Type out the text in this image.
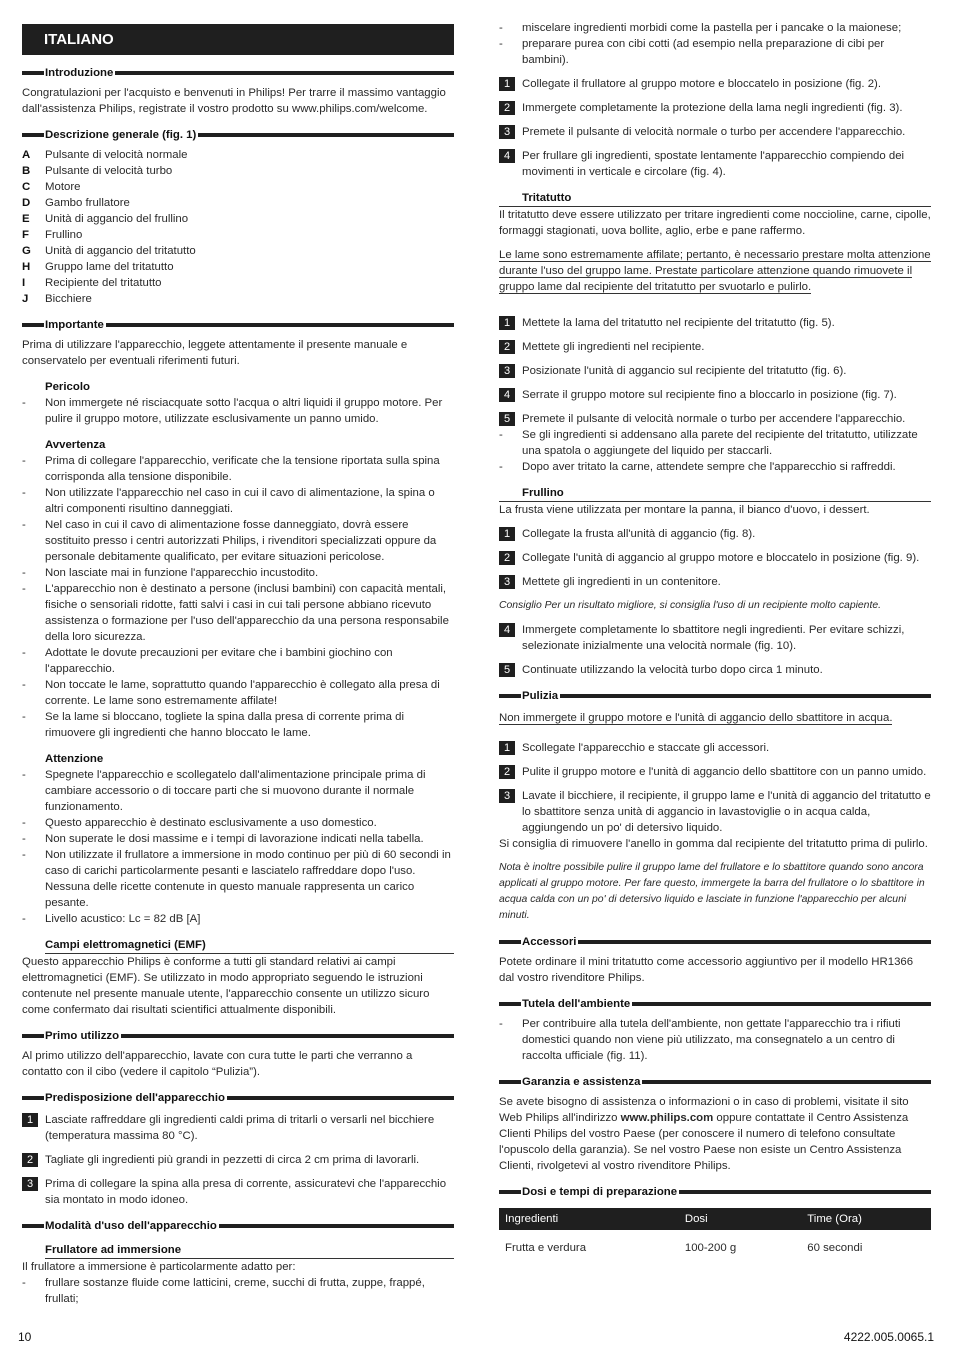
ITALIANO
Introduzione

Congratulazioni per l'acquisto e benvenuti in Philips! Per trarre il massimo vantaggio dall'assistenza Philips, registrate il vostro prodotto su www.philips.com/welcome.

Descrizione generale (fig. 1)
A	Pulsante di velocità normale
B	Pulsante di velocità turbo
C	Motore
D	Gambo frullatore
E	Unità di aggancio del frullino
F	Frullino
G	Unità di aggancio del tritatutto
H	Gruppo lame del tritatutto
I	Recipiente del tritatutto
J	Bicchiere
Importante

Prima di utilizzare l'apparecchio, leggete attentamente il presente manuale e conservatelo per eventuali riferimenti futuri.

Pericolo
-	Non immergete né risciacquate sotto l'acqua o altri liquidi il gruppo motore. Per pulire il gruppo motore, utilizzate esclusivamente un panno umido.
Avvertenza
-	Prima di collegare l'apparecchio, verificate che la tensione riportata sulla spina corrisponda alla tensione disponibile.
-	Non utilizzate l'apparecchio nel caso in cui il cavo di alimentazione, la spina o altri componenti risultino danneggiati.
-	Nel caso in cui il cavo di alimentazione fosse danneggiato, dovrà essere sostituito presso i centri autorizzati Philips, i rivenditori specializzati oppure da personale debitamente qualificato, per evitare situazioni pericolose.
-	Non lasciate mai in funzione l'apparecchio incustodito.
-	L'apparecchio non è destinato a persone (inclusi bambini) con capacità mentali, fisiche o sensoriali ridotte, fatti salvi i casi in cui tali persone abbiano ricevuto assistenza o formazione per l'uso dell'apparecchio da una persona responsabile della loro sicurezza.
-	Adottate le dovute precauzioni per evitare che i bambini giochino con l'apparecchio.
-	Non toccate le lame, soprattutto quando l'apparecchio è collegato alla presa di corrente. Le lame sono estremamente affilate!
-	Se la lame si bloccano, togliete la spina dalla presa di corrente prima di rimuovere gli ingredienti che hanno bloccato le lame.
Attenzione
-	Spegnete l'apparecchio e scollegatelo dall'alimentazione principale prima di cambiare accessorio o di toccare parti che si muovono durante il normale funzionamento.
-	Questo apparecchio è destinato esclusivamente a uso domestico.
-	Non superate le dosi massime e i tempi di lavorazione indicati nella tabella.
-	Non utilizzate il frullatore a immersione in modo continuo per più di 60 secondi in caso di carichi particolarmente pesanti e lasciatelo raffreddare dopo l'uso. Nessuna delle ricette contenute in questo manuale rappresenta un carico pesante.
-	Livello acustico: Lc = 82 dB [A]
Campi elettromagnetici (EMF)

Questo apparecchio Philips è conforme a tutti gli standard relativi ai campi elettromagnetici (EMF). Se utilizzato in modo appropriato seguendo le istruzioni contenute nel presente manuale utente, l'apparecchio consente un utilizzo sicuro come confermato dai risultati scientifici attualmente disponibili.

Primo utilizzo

Al primo utilizzo dell'apparecchio, lavate con cura tutte le parti che verranno a contatto con il cibo (vedere il capitolo “Pulizia”).

Predisposizione dell'apparecchio
1	Lasciate raffreddare gli ingredienti caldi prima di tritarli o versarli nel bicchiere (temperatura massima 80 °C).
2	Tagliate gli ingredienti più grandi in pezzetti di circa 2 cm prima di lavorarli.
3	Prima di collegare la spina alla presa di corrente, assicuratevi che l'apparecchio sia montato in modo idoneo.
Modalità d'uso dell'apparecchio
Frullatore ad immersione

Il frullatore a immersione è particolarmente adatto per:

-	frullare sostanze fluide come latticini, creme, succhi di frutta, zuppe, frappé, frullati;
-	miscelare ingredienti morbidi come la pastella per i pancake o la maionese;
-	preparare purea con cibi cotti (ad esempio nella preparazione di cibi per bambini).
1	Collegate il frullatore al gruppo motore e bloccatelo in posizione (fig. 2).
2	Immergete completamente la protezione della lama negli ingredienti (fig. 3).
3	Premete il pulsante di velocità normale o turbo per accendere l'apparecchio.
4	Per frullare gli ingredienti, spostate lentamente l'apparecchio compiendo dei movimenti in verticale e circolare (fig. 4).
Tritatutto

Il tritatutto deve essere utilizzato per tritare ingredienti come noccioline, carne, cipolle, formaggi stagionati, uova bollite, aglio, erbe e pane raffermo.

Le lame sono estremamente affilate; pertanto, è necessario prestare molta attenzione durante l'uso del gruppo lame. Prestate particolare attenzione quando rimuovete il gruppo lame dal recipiente del tritatutto per svuotarlo e pulirlo.
1	Mettete la lama del tritatutto nel recipiente del tritatutto (fig. 5).
2	Mettete gli ingredienti nel recipiente.
3	Posizionate l'unità di aggancio sul recipiente del tritatutto (fig. 6).
4	Serrate il gruppo motore sul recipiente fino a bloccarlo in posizione (fig. 7).
5	Premete il pulsante di velocità normale o turbo per accendere l'apparecchio.
-	Se gli ingredienti si addensano alla parete del recipiente del tritatutto, utilizzate una spatola o aggiungete del liquido per staccarli.
-	Dopo aver tritato la carne, attendete sempre che l'apparecchio si raffreddi.
Frullino

La frusta viene utilizzata per montare la panna, il bianco d'uovo, i dessert.

1	Collegate la frusta all'unità di aggancio (fig. 8).
2	Collegate l'unità di aggancio al gruppo motore e bloccatelo in posizione (fig. 9).
3	Mettete gli ingredienti in un contenitore.

Consiglio Per un risultato migliore, si consiglia l'uso di un recipiente molto capiente.

4	Immergete completamente lo sbattitore negli ingredienti. Per evitare schizzi, selezionate inizialmente una velocità normale (fig. 10).
5	Continuate utilizzando la velocità turbo dopo circa 1 minuto.
Pulizia
Non immergete il gruppo motore e l'unità di aggancio dello sbattitore in acqua.
1	Scollegate l'apparecchio e staccate gli accessori.
2	Pulite il gruppo motore e l'unità di aggancio dello sbattitore con un panno umido.
3	Lavate il bicchiere, il recipiente, il gruppo lame e l'unità di aggancio del tritatutto e lo sbattitore senza unità di aggancio in lavastoviglie o in acqua calda, aggiungendo un po' di detersivo liquido.

Si consiglia di rimuovere l'anello in gomma dal recipiente del tritatutto prima di pulirlo.

Nota è inoltre possibile pulire il gruppo lame del frullatore e lo sbattitore quando sono ancora applicati al gruppo motore. Per fare questo, immergete la barra del frullatore o lo sbattitore in acqua calda con un po' di detersivo liquido e lasciate in funzione l'apparecchio per alcuni minuti.

Accessori

Potete ordinare il mini tritatutto come accessorio aggiuntivo per il modello HR1366 dal vostro rivenditore Philips.

Tutela dell'ambiente
-	Per contribuire alla tutela dell'ambiente, non gettate l'apparecchio tra i rifiuti domestici quando non viene più utilizzato, ma consegnatelo a un centro di raccolta ufficiale (fig. 11).
Garanzia e assistenza

Se avete bisogno di assistenza o informazioni o in caso di problemi, visitate il sito Web Philips all'indirizzo www.philips.com oppure contattate il Centro Assistenza Clienti Philips del vostro Paese (per conoscere il numero di telefono consultate l'opuscolo della garanzia). Se nel vostro Paese non esiste un Centro Assistenza Clienti, rivolgetevi al vostro rivenditore Philips.

Dosi e tempi di preparazione
Ingredienti	Dosi	Time (Ora)
Frutta e verdura	100-200 g	60 secondi
10	4222.005.0065.1
